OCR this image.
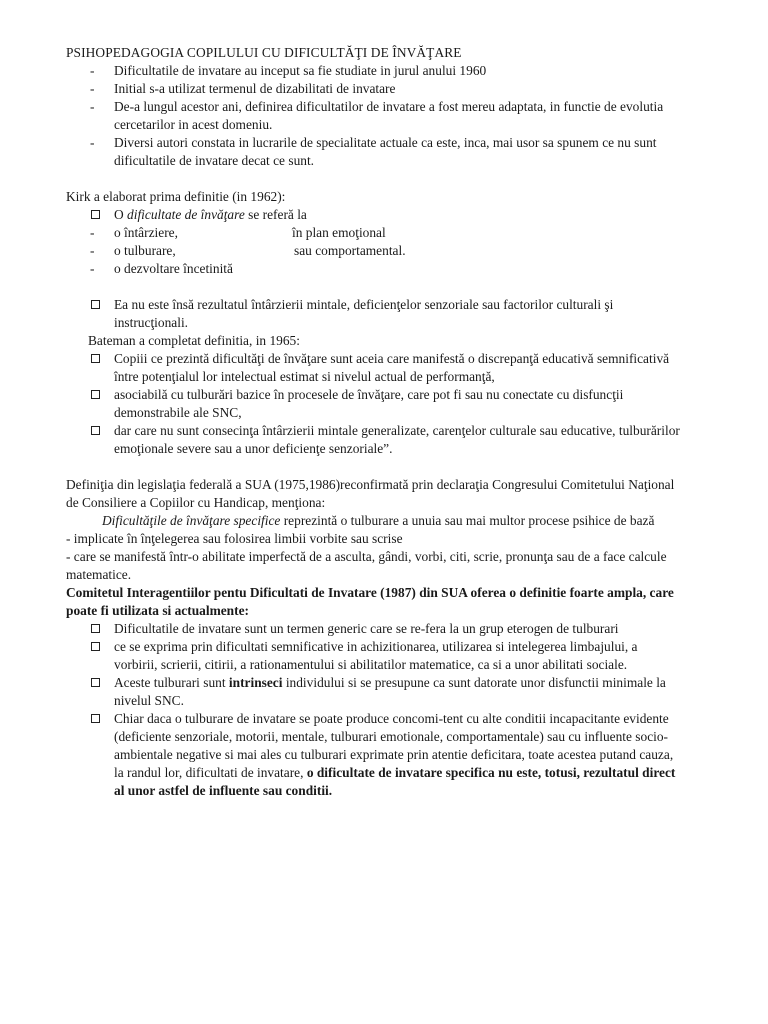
PSIHOPEDAGOGIA COPILULUI CU DIFICULTĂŢI DE ÎNVĂŢARE

- Dificultatile de invatare au inceput sa fie studiate in jurul anului 1960
- Initial s-a utilizat termenul de dizabilitati de invatare
- De-a lungul acestor ani, definirea dificultatilor de invatare a fost mereu adaptata, in functie de evolutia cercetarilor in acest domeniu.
- Diversi autori constata in lucrarile de specialitate actuale ca este, inca, mai usor sa spunem ce nu sunt dificultatile de invatare decat ce sunt.

Kirk a elaborat prima definitie (in 1962):

O dificultate de învăţare se referă la
- o întârziere,	în plan emoţional
- o tulburare,	sau comportamental.
- o dezvoltare încetinită
Ea nu este însă rezultatul întârzierii mintale, deficienţelor senzoriale sau factorilor culturali şi instrucţionali.

Bateman a completat definitia, in 1965:

Copiii ce prezintă dificultăţi de învăţare sunt aceia care manifestă o discrepanţă educativă semnificativă între potenţialul lor intelectual estimat si nivelul actual de performanţă,
asociabilă cu tulburări bazice în procesele de învăţare, care pot fi sau nu conectate cu disfuncţii demonstrabile ale SNC,
dar care nu sunt consecinţa întârzierii mintale generalizate, carenţelor culturale sau educative, tulburărilor emoţionale severe sau a unor deficienţe senzoriale”.

Definiţia din legislaţia federală a SUA (1975,1986)reconfirmată prin declaraţia Congresului Comitetului Naţional de Consiliere a Copiilor cu Handicap, menţiona:

Dificultăţile de învăţare specifice reprezintă o tulburare a unuia sau mai multor procese psihice de bază

- implicate în înţelegerea sau folosirea limbii vorbite sau scrise

- care se manifestă într-o abilitate imperfectă de a asculta, gândi, vorbi, citi, scrie, pronunţa sau de a face calcule matematice.

Comitetul Interagentiilor pentu Dificultati de Invatare (1987) din SUA oferea o definitie foarte ampla, care poate fi utilizata si actualmente:

Dificultatile de invatare sunt un termen generic care se re-fera la un grup eterogen de tulburari
ce se exprima prin dificultati semnificative in achizitionarea, utilizarea si intelegerea limbajului, a vorbirii, scrierii, citirii, a rationamentului si abilitatilor matematice, ca si a unor abilitati sociale.
Aceste tulburari sunt intrinseci individului si se presupune ca sunt datorate unor disfunctii minimale la nivelul SNC.
Chiar daca o tulburare de invatare se poate produce concomi-tent cu alte conditii incapacitante evidente (deficiente senzoriale, motorii, mentale, tulburari emotionale, comportamentale) sau cu influente socio-ambientale negative si mai ales cu tulburari exprimate prin atentie deficitara, toate acestea putand cauza, la randul lor, dificultati de invatare, o dificultate de invatare specifica nu este, totusi, rezultatul direct al unor astfel de influente sau conditii.
